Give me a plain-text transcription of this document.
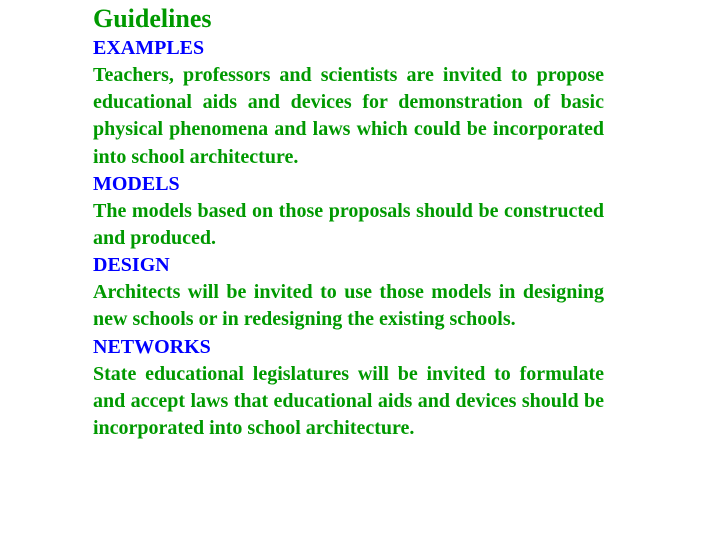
Guidelines
EXAMPLES
Teachers, professors and scientists are invited to propose educational aids and devices for demonstration of basic physical phenomena and laws which could be incorporated into school architecture.
MODELS
The models based on those proposals should be constructed and produced.
DESIGN
Architects will be invited to use those models in designing new schools or in redesigning the existing schools.
NETWORKS
State educational legislatures will be invited to formulate and accept laws that educational aids and devices should be incorporated into school architecture.
